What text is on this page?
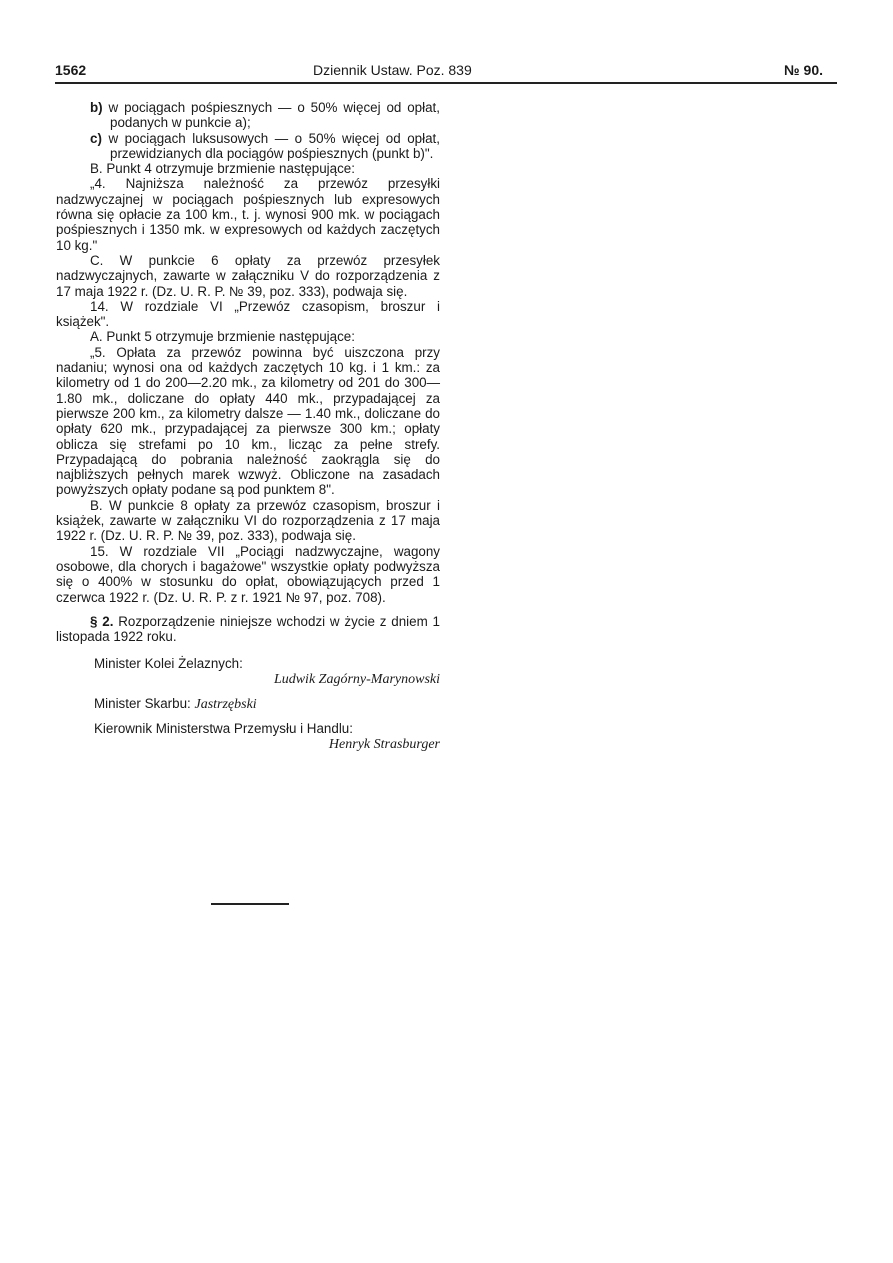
1562	Dziennik Ustaw. Poz. 839	№ 90.

b) w pociągach pośpiesznych — o 50% więcej od opłat, podanych w punkcie a);

c) w pociągach luksusowych — o 50% więcej od opłat, przewidzianych dla pociągów pośpiesznych (punkt b)".

B. Punkt 4 otrzymuje brzmienie następujące:

„4. Najniższa należność za przewóz przesyłki nadzwyczajnej w pociągach pośpiesznych lub expresowych równa się opłacie za 100 km., t. j. wynosi 900 mk. w pociągach pośpiesznych i 1350 mk. w expresowych od każdych zaczętych 10 kg."

C. W punkcie 6 opłaty za przewóz przesyłek nadzwyczajnych, zawarte w załączniku V do rozporządzenia z 17 maja 1922 r. (Dz. U. R. P. № 39, poz. 333), podwaja się.

14. W rozdziale VI „Przewóz czasopism, broszur i książek".

A. Punkt 5 otrzymuje brzmienie następujące:

„5. Opłata za przewóz powinna być uiszczona przy nadaniu; wynosi ona od każdych zaczętych 10 kg. i 1 km.: za kilometry od 1 do 200—2.20 mk., za kilometry od 201 do 300—1.80 mk., doliczane do opłaty 440 mk., przypadającej za pierwsze 200 km., za kilometry dalsze — 1.40 mk., doliczane do opłaty 620 mk., przypadającej za pierwsze 300 km.; opłaty oblicza się strefami po 10 km., licząc za pełne strefy. Przypadającą do pobrania należność zaokrągla się do najbliższych pełnych marek wzwyż. Obliczone na zasadach powyższych opłaty podane są pod punktem 8".

B. W punkcie 8 opłaty za przewóz czasopism, broszur i książek, zawarte w załączniku VI do rozporządzenia z 17 maja 1922 r. (Dz. U. R. P. № 39, poz. 333), podwaja się.

15. W rozdziale VII „Pociągi nadzwyczajne, wagony osobowe, dla chorych i bagażowe" wszystkie opłaty podwyższa się o 400% w stosunku do opłat, obowiązujących przed 1 czerwca 1922 r. (Dz. U. R. P. z r. 1921 № 97, poz. 708).

§ 2. Rozporządzenie niniejsze wchodzi w życie z dniem 1 listopada 1922 roku.

Minister Kolei Żelaznych:

Ludwik Zagórny-Marynowski

Minister Skarbu: Jastrzębski

Kierownik Ministerstwa Przemysłu i Handlu:

Henryk Strasburger
